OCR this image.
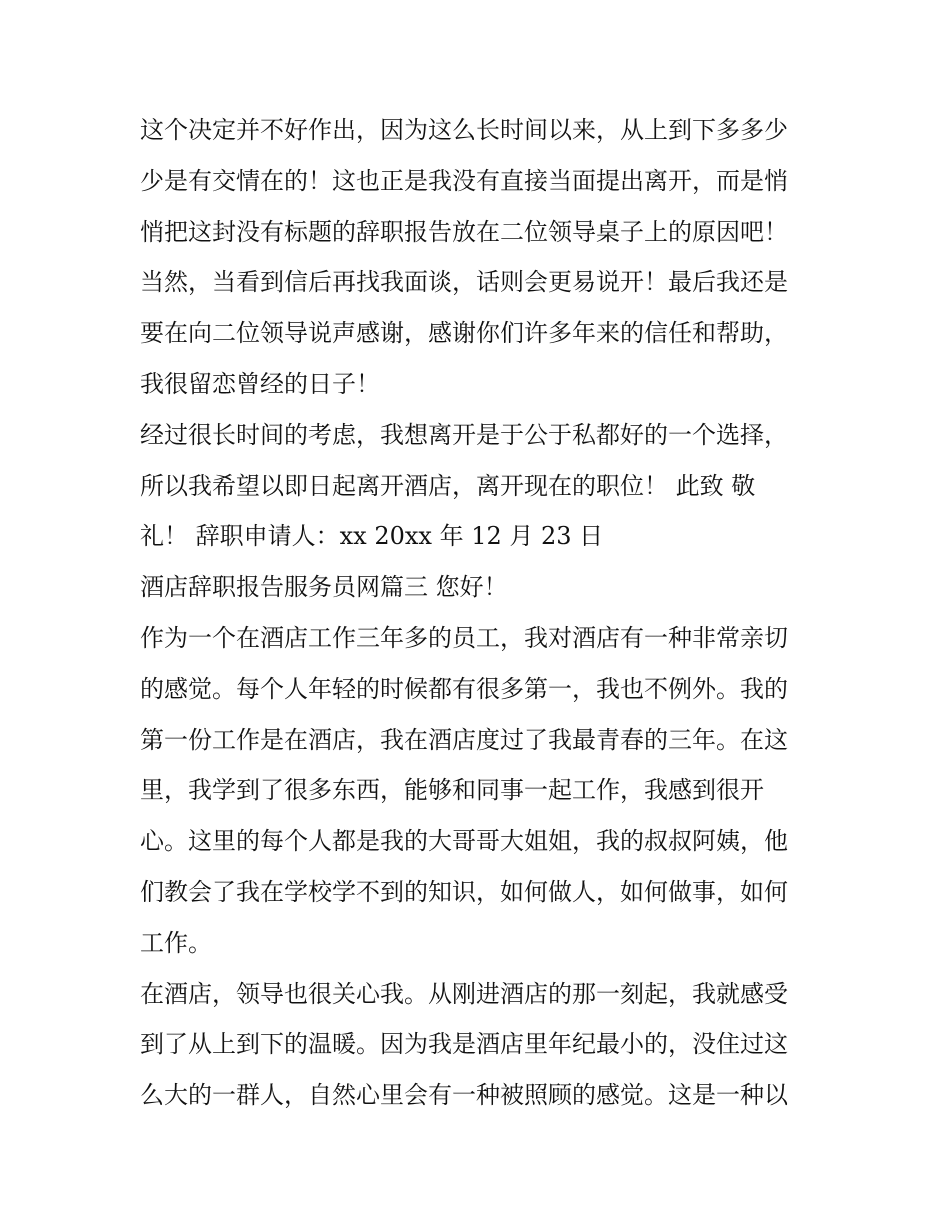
这个决定并不好作出，因为这么长时间以来，从上到下多多少
少是有交情在的！这也正是我没有直接当面提出离开，而是悄
悄把这封没有标题的辞职报告放在二位领导桌子上的原因吧！
当然，当看到信后再找我面谈，话则会更易说开！最后我还是
要在向二位领导说声感谢，感谢你们许多年来的信任和帮助，
我很留恋曾经的日子！
经过很长时间的考虑，我想离开是于公于私都好的一个选择，
所以我希望以即日起离开酒店，离开现在的职位！ 此致 敬
礼！ 辞职申请人：xx 20xx 年 12 月 23 日
酒店辞职报告服务员网篇三 您好！
作为一个在酒店工作三年多的员工，我对酒店有一种非常亲切
的感觉。每个人年轻的时候都有很多第一，我也不例外。我的
第一份工作是在酒店，我在酒店度过了我最青春的三年。在这
里，我学到了很多东西，能够和同事一起工作，我感到很开
心。这里的每个人都是我的大哥哥大姐姐，我的叔叔阿姨，他
们教会了我在学校学不到的知识，如何做人，如何做事，如何
工作。
在酒店，领导也很关心我。从刚进酒店的那一刻起，我就感受
到了从上到下的温暖。因为我是酒店里年纪最小的，没住过这
么大的一群人，自然心里会有一种被照顾的感觉。这是一种以
